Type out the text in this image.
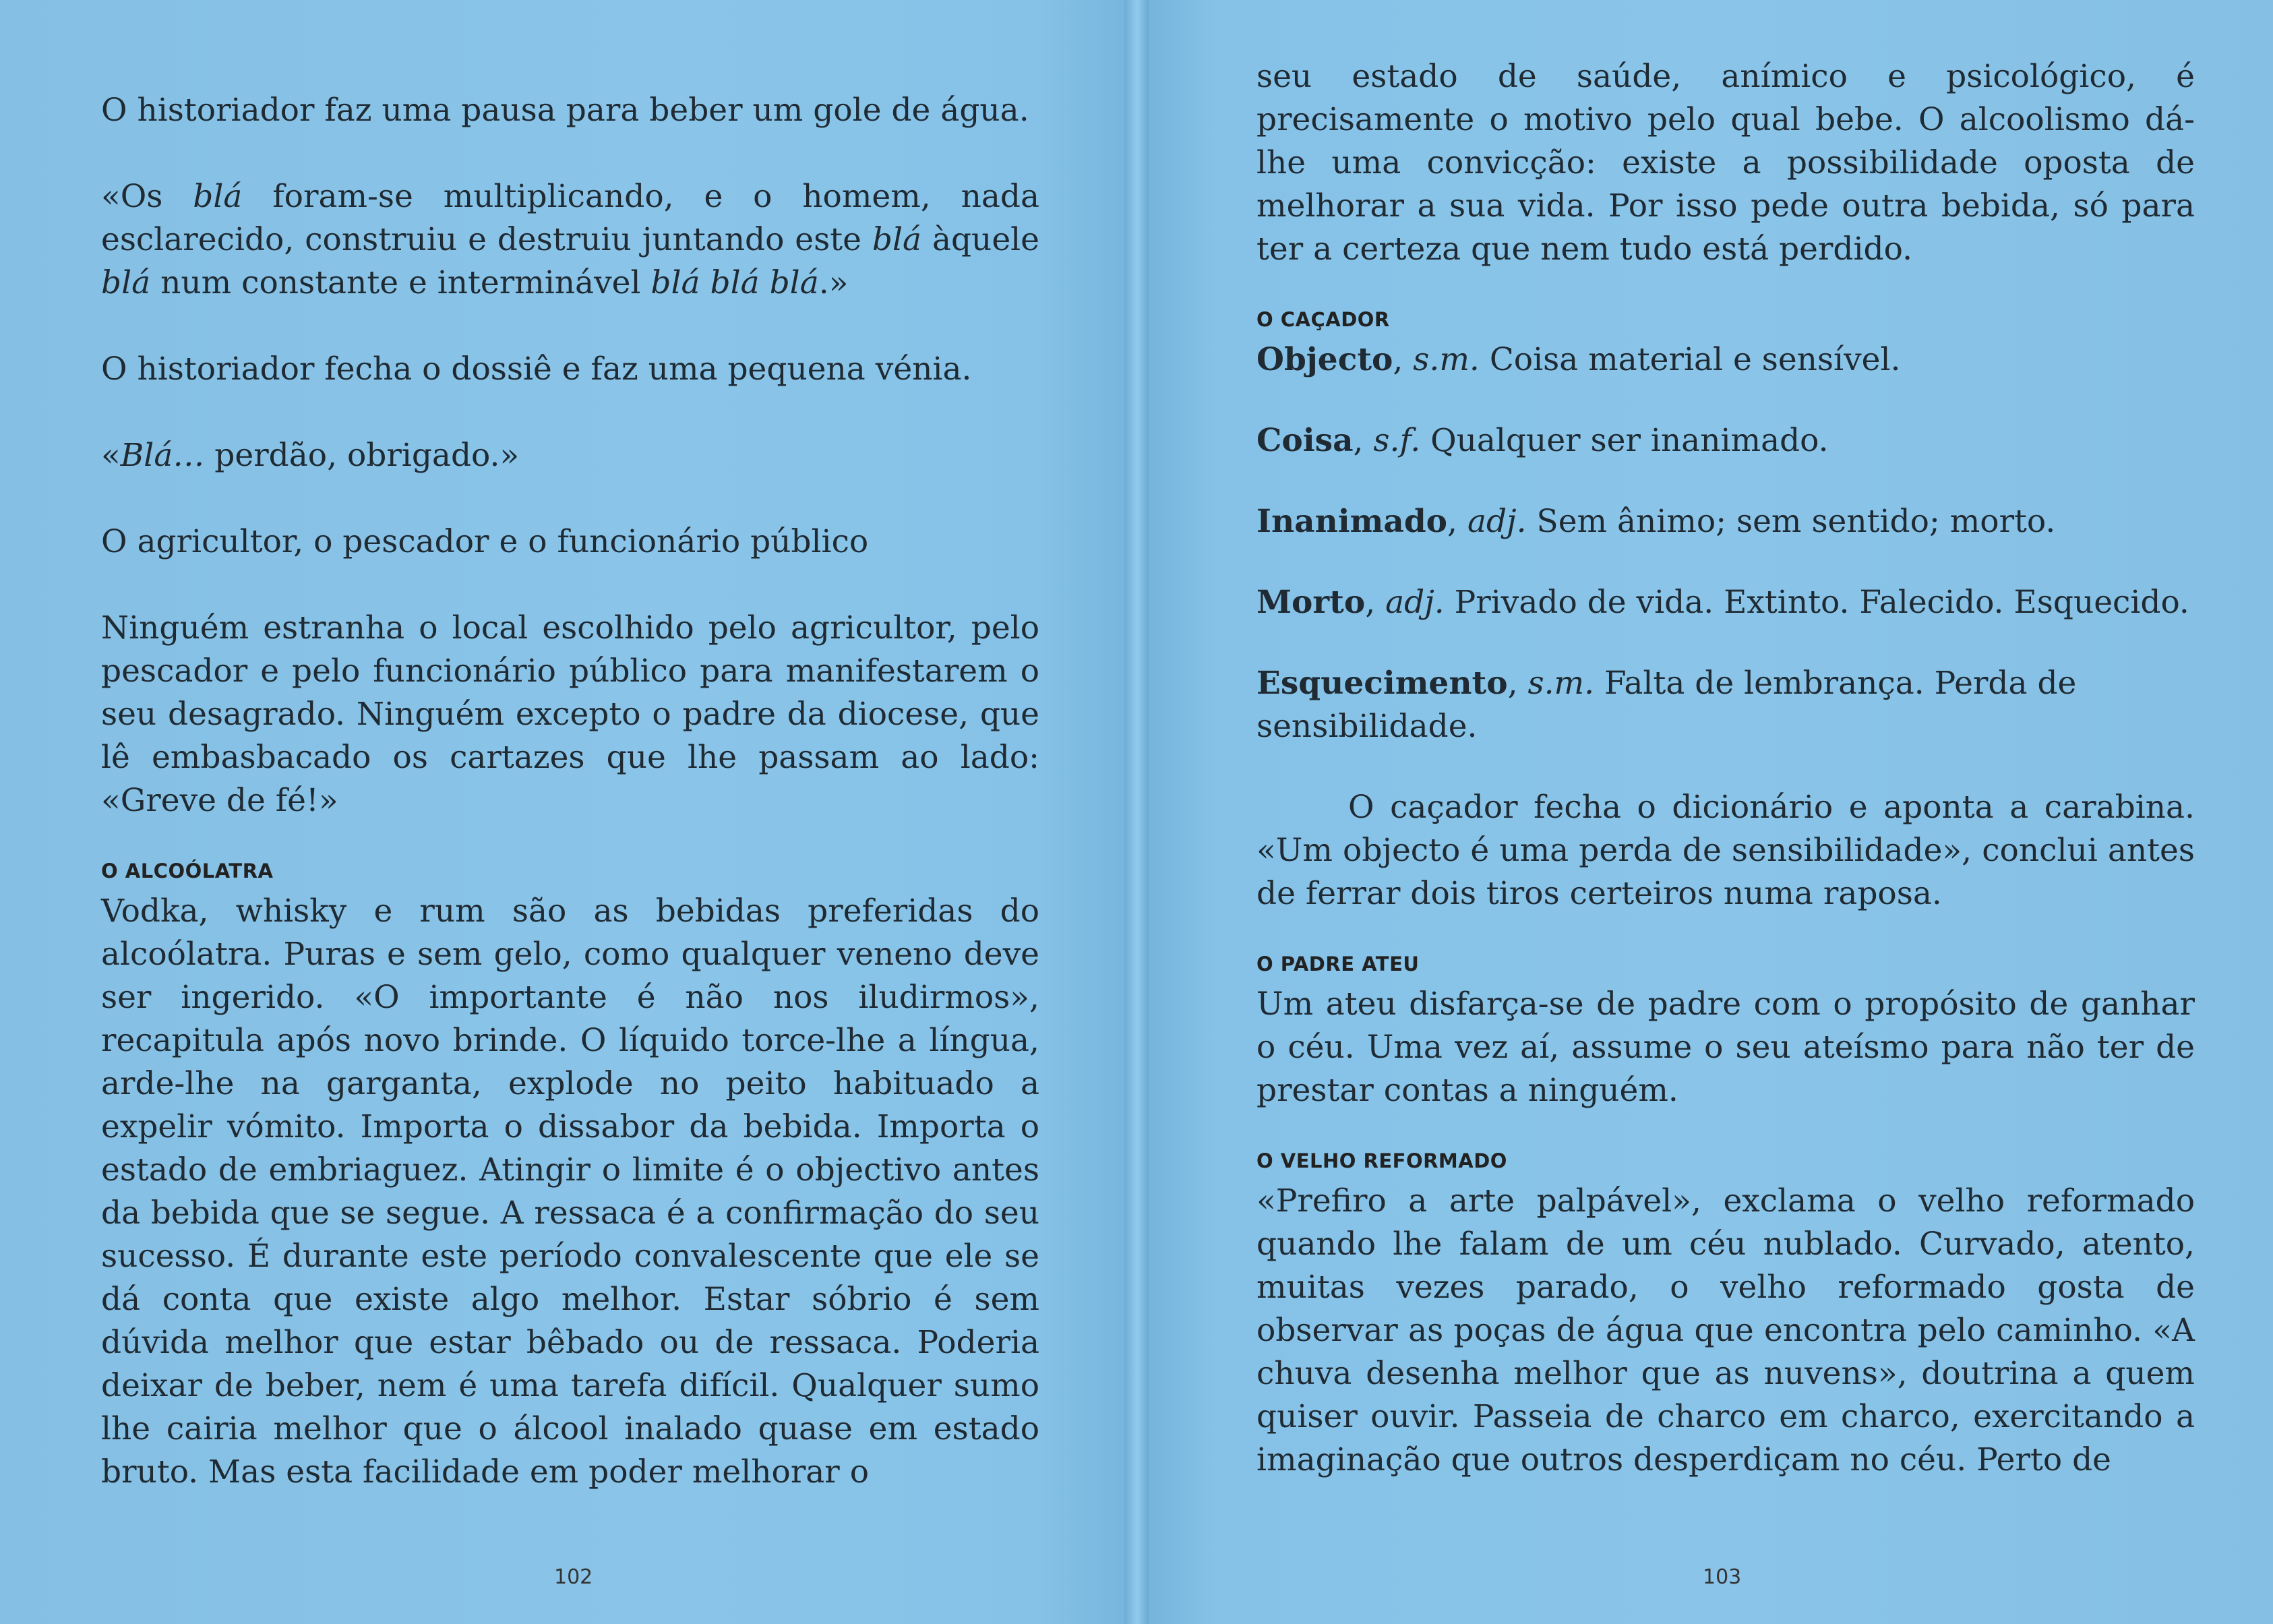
O historiador faz uma pausa para beber um gole de água.

«Os blá foram-se multiplicando, e o homem, nada esclarecido, construiu e destruiu juntando este blá àquele blá num constante e interminável blá blá blá.»

O historiador fecha o dossiê e faz uma pequena vénia.

«Blá… perdão, obrigado.»

O agricultor, o pescador e o funcionário público

Ninguém estranha o local escolhido pelo agricultor, pelo pescador e pelo funcionário público para manifestarem o seu desagrado. Ninguém excepto o padre da diocese, que lê embasbacado os cartazes que lhe passam ao lado: «Greve de fé!»

O ALCOÓLATRA

Vodka, whisky e rum são as bebidas preferidas do alcoólatra. Puras e sem gelo, como qualquer veneno deve ser ingerido. «O importante é não nos iludirmos», recapitula após novo brinde. O líquido torce-lhe a língua, arde-lhe na garganta, explode no peito habituado a expelir vómito. Importa o dissabor da bebida. Importa o estado de embriaguez. Atingir o limite é o objectivo antes da bebida que se segue. A ressaca é a confirmação do seu sucesso. É durante este período convalescente que ele se dá conta que existe algo melhor. Estar sóbrio é sem dúvida melhor que estar bêbado ou de ressaca. Poderia deixar de beber, nem é uma tarefa difícil. Qualquer sumo lhe cairia melhor que o álcool inalado quase em estado bruto. Mas esta facilidade em poder melhorar o

102

seu estado de saúde, anímico e psicológico, é precisamente o motivo pelo qual bebe. O alcoolismo dá-lhe uma convicção: existe a possibilidade oposta de melhorar a sua vida. Por isso pede outra bebida, só para ter a certeza que nem tudo está perdido.

O CAÇADOR

Objecto, s.m. Coisa material e sensível.

Coisa, s.f. Qualquer ser inanimado.

Inanimado, adj. Sem ânimo; sem sentido; morto.

Morto, adj. Privado de vida. Extinto. Falecido. Esquecido.

Esquecimento, s.m. Falta de lembrança. Perda de sensibilidade.

O caçador fecha o dicionário e aponta a carabina. «Um objecto é uma perda de sensibilidade», conclui antes de ferrar dois tiros certeiros numa raposa.

O PADRE ATEU

Um ateu disfarça-se de padre com o propósito de ganhar o céu. Uma vez aí, assume o seu ateísmo para não ter de prestar contas a ninguém.

O VELHO REFORMADO

«Prefiro a arte palpável», exclama o velho reformado quando lhe falam de um céu nublado. Curvado, atento, muitas vezes parado, o velho reformado gosta de observar as poças de água que encontra pelo caminho. «A chuva desenha melhor que as nuvens», doutrina a quem quiser ouvir. Passeia de charco em charco, exercitando a imaginação que outros desperdiçam no céu. Perto de

103
